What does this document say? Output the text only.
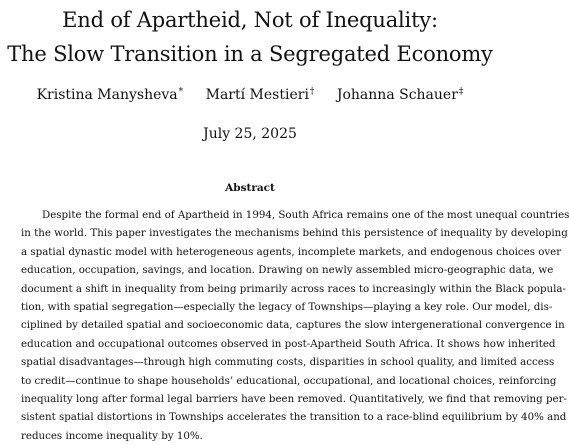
End of Apartheid, Not of Inequality:
The Slow Transition in a Segregated Economy
Kristina Manysheva* Martí Mestieri† Johanna Schauer‡
July 25, 2025
Abstract
Despite the formal end of Apartheid in 1994, South Africa remains one of the most unequal countries
in the world. This paper investigates the mechanisms behind this persistence of inequality by developing
a spatial dynastic model with heterogeneous agents, incomplete markets, and endogenous choices over
education, occupation, savings, and location. Drawing on newly assembled micro-geographic data, we
document a shift in inequality from being primarily across races to increasingly within the Black popula-
tion, with spatial segregation—especially the legacy of Townships—playing a key role. Our model, dis-
ciplined by detailed spatial and socioeconomic data, captures the slow intergenerational convergence in
education and occupational outcomes observed in post-Apartheid South Africa. It shows how inherited
spatial disadvantages—through high commuting costs, disparities in school quality, and limited access
to credit—continue to shape households’ educational, occupational, and locational choices, reinforcing
inequality long after formal legal barriers have been removed. Quantitatively, we find that removing per-
sistent spatial distortions in Townships accelerates the transition to a race-blind equilibrium by 40% and
reduces income inequality by 10%.
